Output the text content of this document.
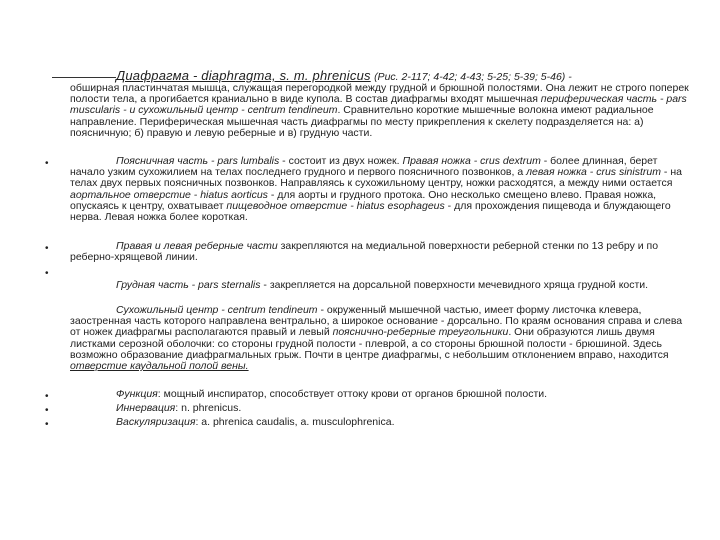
Диафрагма - diaphragma, s. m. phrenicus (Рис. 2-117; 4-42; 4-43; 5-25; 5-39; 5-46) -
обширная пластинчатая мышца, служащая перегородкой между грудной и брюшной полостями. Она лежит не строго поперек полости тела, а прогибается краниально в виде купола. В состав диафрагмы входят мышечная периферическая часть - pars muscularis - и сухожильный центр - centrum tendineum. Сравнительно короткие мышечные волокна имеют радиальное направление. Периферическая мышечная часть диафрагмы по месту прикрепления к скелету подразделяется на: а) поясничную; б) правую и левую реберные и в) грудную части.
•	Поясничная часть - pars lumbalis - состоит из двух ножек. Правая ножка - crus dextrum - более длинная, берет начало узким сухожилием на телах последнего грудного и первого поясничного позвонков, а левая ножка - crus sinistrum - на телах двух первых поясничных позвонков. Направляясь к сухожильному центру, ножки расходятся, а между ними остается аортальное отверстие - hiatus aorticus - для аорты и грудного протока. Оно несколько смещено влево. Правая ножка, опускаясь к центру, охватывает пищеводное отверстие - hiatus esophageus - для прохождения пищевода и блуждающего нерва. Левая ножка более короткая.
•	Правая и левая реберные части закрепляются на медиальной поверхности реберной стенки по 13 ребру и по реберно-хрящевой линии.
•
Грудная часть - pars sternalis - закрепляется на дорсальной поверхности мечевидного хряща грудной кости.
Сухожильный центр - centrum tendineum - окруженный мышечной частью, имеет форму листочка клевера, заостренная часть которого направлена вентрально, а широкое основание - дорсально. По краям основания справа и слева от ножек диафрагмы располагаются правый и левый пояснично-реберные треугольники. Они образуются лишь двумя листками серозной оболочки: со стороны грудной полости - плеврой, а со стороны брюшной полости - брюшиной. Здесь возможно образование диафрагмальных грыж. Почти в центре диафрагмы, с небольшим отклонением вправо, находится отверстие каудальной полой вены.
•	Функция: мощный инспиратор, способствует оттоку крови от органов брюшной полости.
•	Иннервация: n. phrenicus.
•	Васкуляризация: a. phrenica caudalis, a. musculophrenica.
